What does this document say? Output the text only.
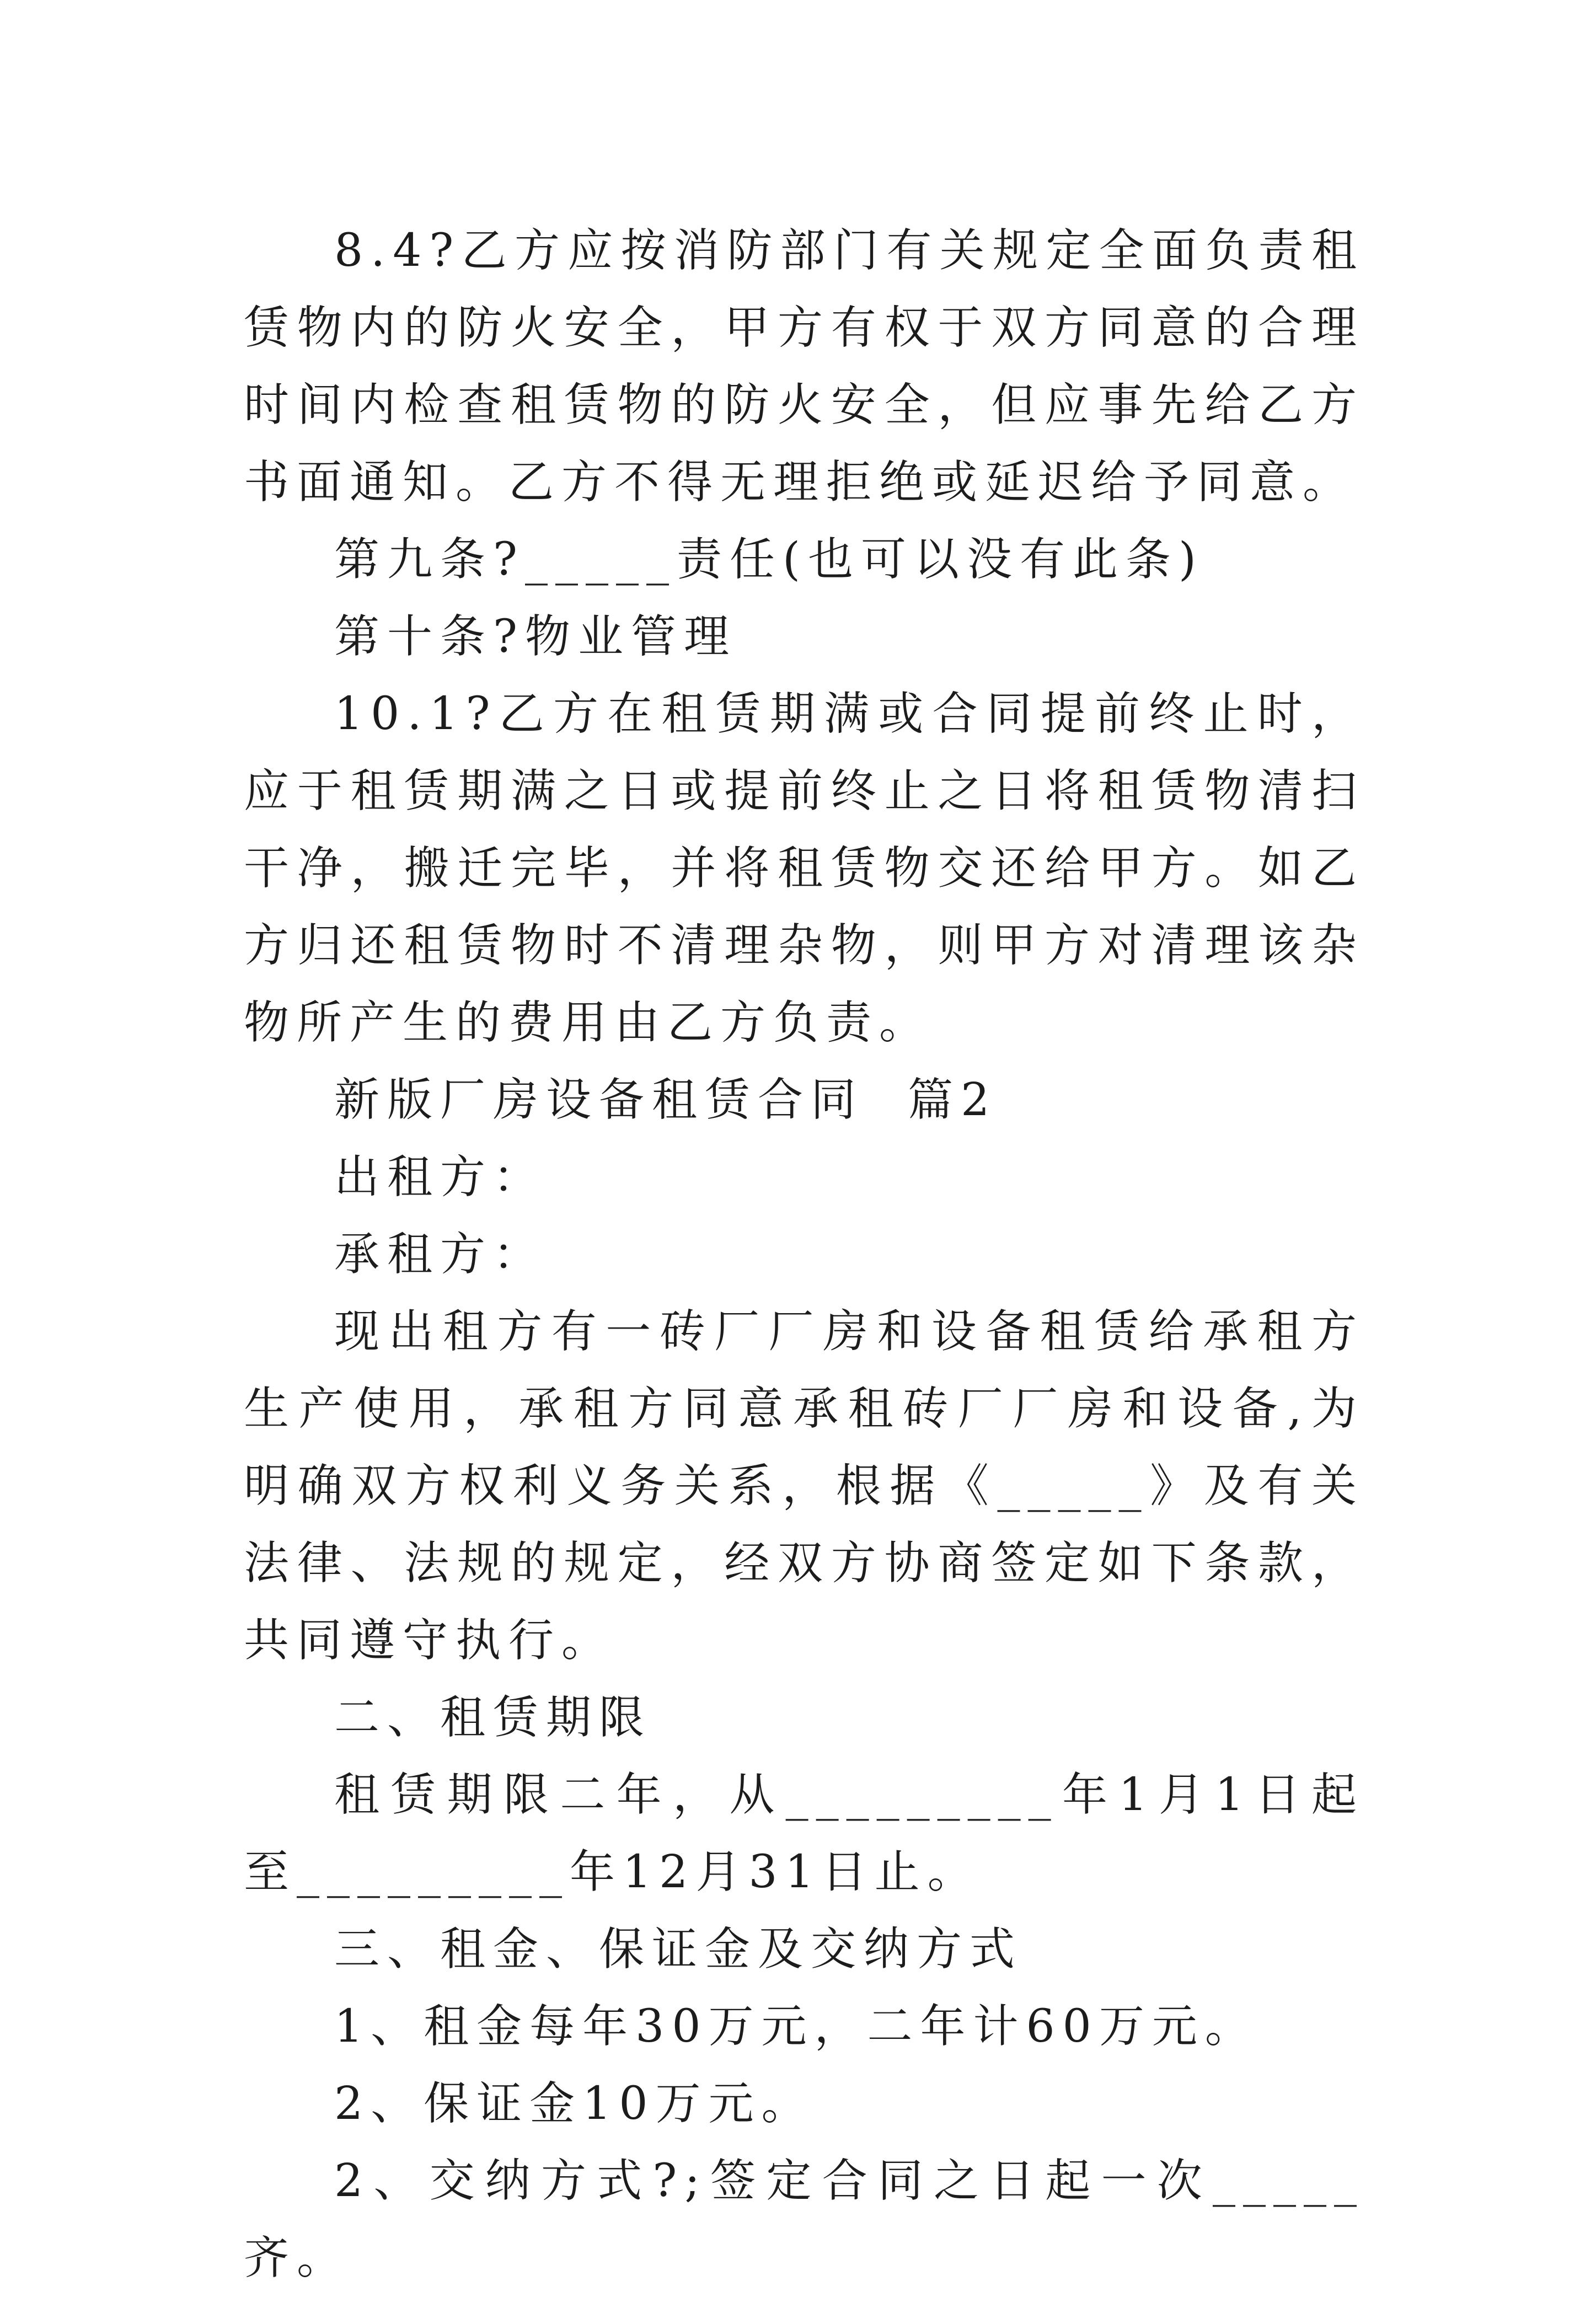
8.4?乙方应按消防部门有关规定全面负责租赁物内的防火安全，甲方有权于双方同意的合理时间内检查租赁物的防火安全，但应事先给乙方书面通知。乙方不得无理拒绝或延迟给予同意。

第九条?_____责任(也可以没有此条)

第十条?物业管理

10.1?乙方在租赁期满或合同提前终止时，应于租赁期满之日或提前终止之日将租赁物清扫干净，搬迁完毕，并将租赁物交还给甲方。如乙方归还租赁物时不清理杂物，则甲方对清理该杂物所产生的费用由乙方负责。

新版厂房设备租赁合同  篇2

出租方：

承租方：

现出租方有一砖厂厂房和设备租赁给承租方生产使用，承租方同意承租砖厂厂房和设备,为明确双方权利义务关系，根据《_____》及有关法律、法规的规定，经双方协商签定如下条款，共同遵守执行。

二、租赁期限

租赁期限二年，从_________年1月1日起至_________年12月31日止。

三、租金、保证金及交纳方式

1、租金每年30万元，二年计60万元。

2、保证金10万元。

2、交纳方式?;签定合同之日起一次_____齐。
